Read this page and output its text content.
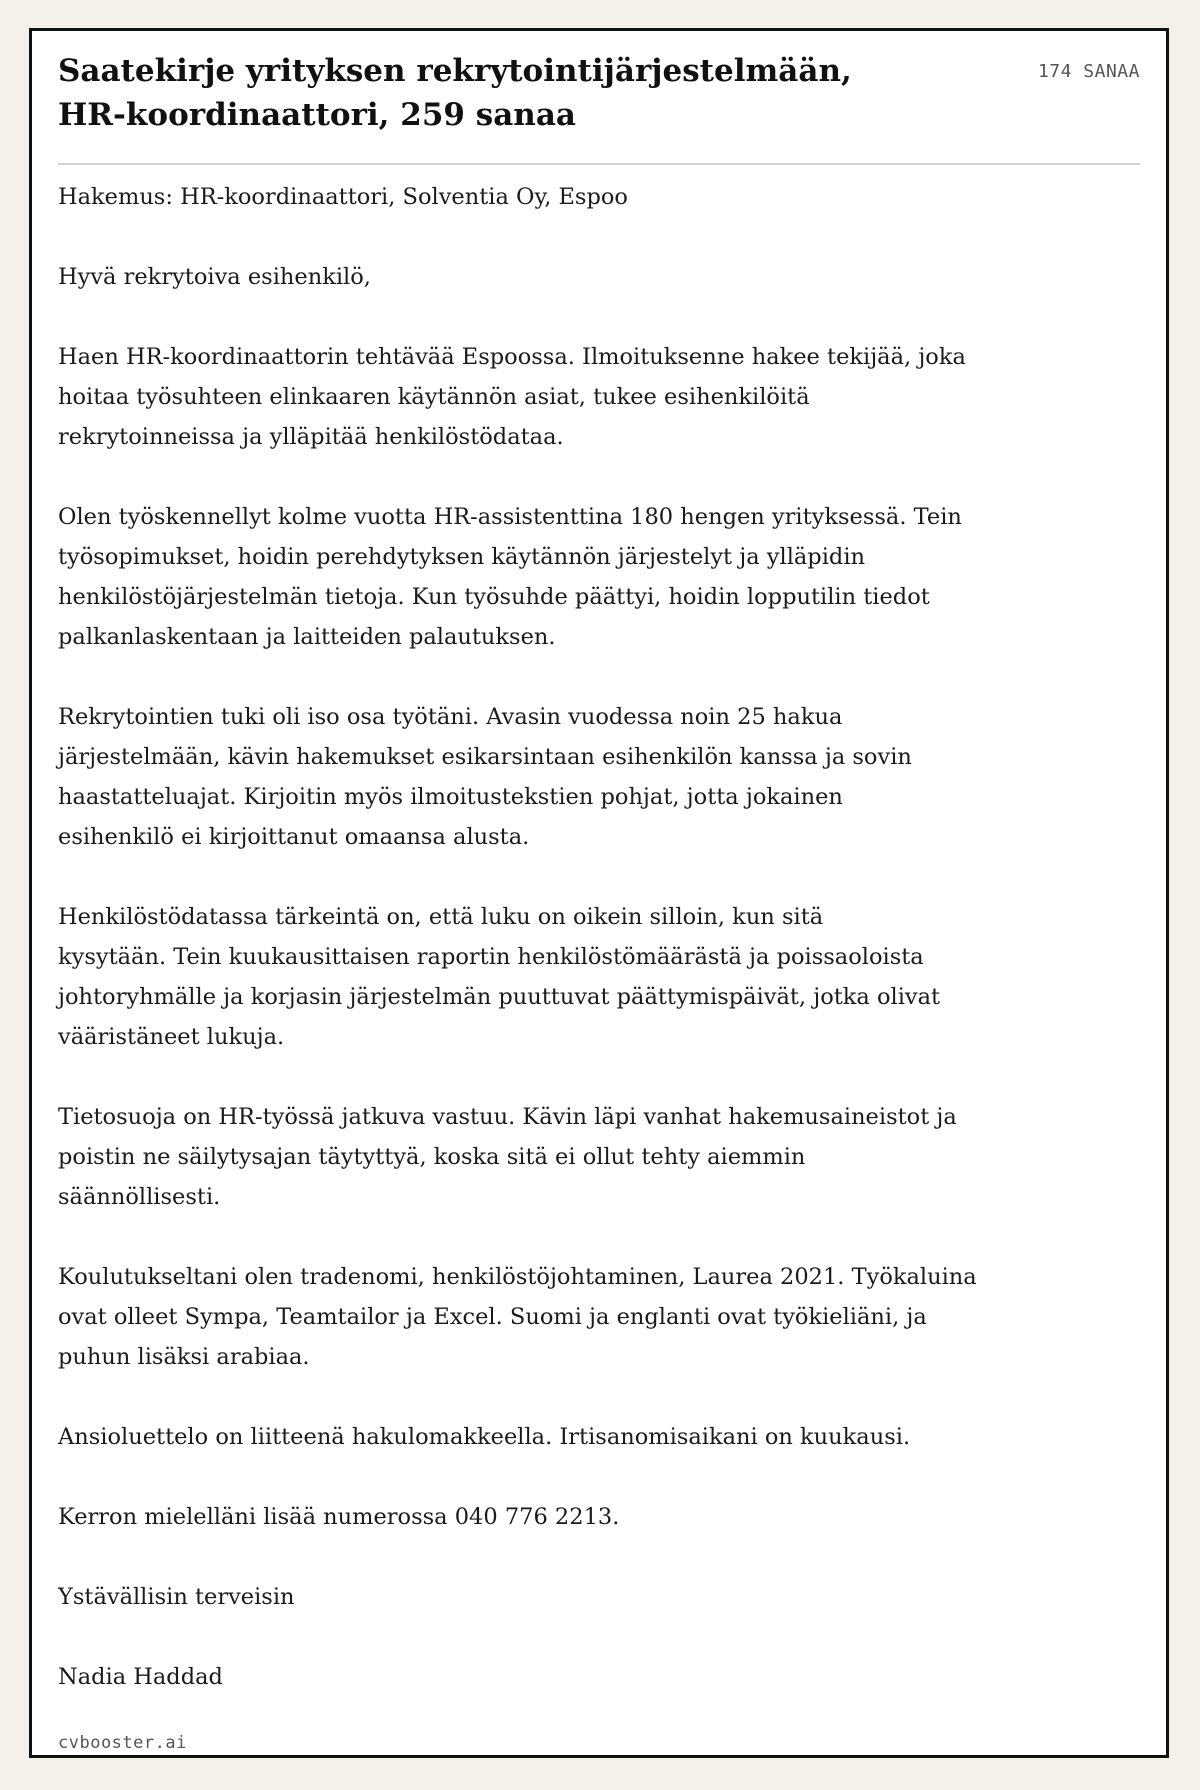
Saatekirje yrityksen rekrytointijärjestelmään,
HR-koordinaattori, 259 sanaa
174 SANAA

Hakemus: HR-koordinaattori, Solventia Oy, Espoo

Hyvä rekrytoiva esihenkilö,

Haen HR-koordinaattorin tehtävää Espoossa. Ilmoituksenne hakee tekijää, joka
hoitaa työsuhteen elinkaaren käytännön asiat, tukee esihenkilöitä
rekrytoinneissa ja ylläpitää henkilöstödataa.

Olen työskennellyt kolme vuotta HR-assistenttina 180 hengen yrityksessä. Tein
työsopimukset, hoidin perehdytyksen käytännön järjestelyt ja ylläpidin
henkilöstöjärjestelmän tietoja. Kun työsuhde päättyi, hoidin lopputilin tiedot
palkanlaskentaan ja laitteiden palautuksen.

Rekrytointien tuki oli iso osa työtäni. Avasin vuodessa noin 25 hakua
järjestelmään, kävin hakemukset esikarsintaan esihenkilön kanssa ja sovin
haastatteluajat. Kirjoitin myös ilmoitustekstien pohjat, jotta jokainen
esihenkilö ei kirjoittanut omaansa alusta.

Henkilöstödatassa tärkeintä on, että luku on oikein silloin, kun sitä
kysytään. Tein kuukausittaisen raportin henkilöstömäärästä ja poissaoloista
johtoryhmälle ja korjasin järjestelmän puuttuvat päättymispäivät, jotka olivat
vääristäneet lukuja.

Tietosuoja on HR-työssä jatkuva vastuu. Kävin läpi vanhat hakemusaineistot ja
poistin ne säilytysajan täytyttyä, koska sitä ei ollut tehty aiemmin
säännöllisesti.

Koulutukseltani olen tradenomi, henkilöstöjohtaminen, Laurea 2021. Työkaluina
ovat olleet Sympa, Teamtailor ja Excel. Suomi ja englanti ovat työkieliäni, ja
puhun lisäksi arabiaa.

Ansioluettelo on liitteenä hakulomakkeella. Irtisanomisaikani on kuukausi.

Kerron mielelläni lisää numerossa 040 776 2213.

Ystävällisin terveisin

Nadia Haddad

cvbooster.ai
